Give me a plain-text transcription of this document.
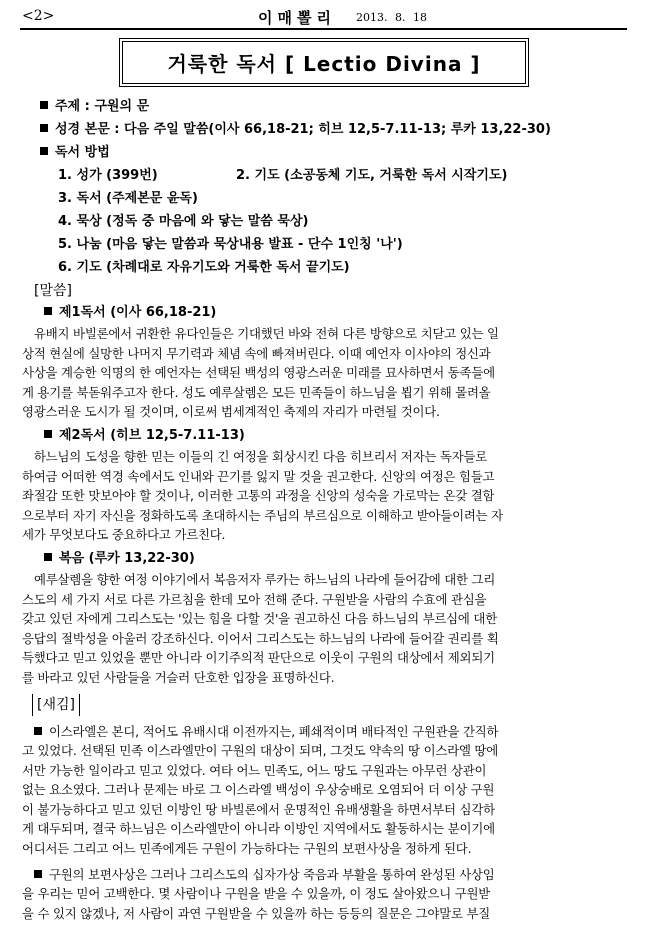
<2>	이매뽈리 2013. 8. 18
거룩한 독서 [ Lectio Divina ]
주제 : 구원의 문
성경 본문 : 다음 주일 말씀(이사 66,18-21; 히브 12,5-7.11-13; 루카 13,22-30)
독서 방법
1. 성가 (399번)	2. 기도 (소공동체 기도, 거룩한 독서 시작기도)
3. 독서 (주제본문 윤독)
4. 묵상 (정독 중 마음에 와 닿는 말씀 묵상)
5. 나눔 (마음 닿는 말씀과 묵상내용 발표 - 단수 1인칭 '나')
6. 기도 (차례대로 자유기도와 거룩한 독서 끝기도)
[말씀]
제1독서 (이사 66,18-21)

유배지 바빌론에서 귀환한 유다인들은 기대했던 바와 전혀 다른 방향으로 치닫고 있는 일

상적 현실에 실망한 나머지 무기력과 체념 속에 빠져버린다. 이때 예언자 이사야의 정신과

사상을 계승한 익명의 한 예언자는 선택된 백성의 영광스러운 미래를 묘사하면서 동족들에

게 용기를 북돋워주고자 한다. 성도 예루살렘은 모든 민족들이 하느님을 뵙기 위해 몰려올

영광스러운 도시가 될 것이며, 이로써 범세계적인 축제의 자리가 마련될 것이다.

제2독서 (히브 12,5-7.11-13)

하느님의 도성을 향한 믿는 이들의 긴 여정을 회상시킨 다음 히브리서 저자는 독자들로

하여금 어떠한 역경 속에서도 인내와 끈기를 잃지 말 것을 권고한다. 신앙의 여정은 힘들고

좌절감 또한 맛보아야 할 것이나, 이러한 고통의 과정을 신앙의 성숙을 가로막는 온갖 결함

으로부터 자기 자신을 정화하도록 초대하시는 주님의 부르심으로 이해하고 받아들이려는 자

세가 무엇보다도 중요하다고 가르친다.

복음 (루카 13,22-30)

예루살렘을 향한 여정 이야기에서 복음저자 루카는 하느님의 나라에 들어감에 대한 그리

스도의 세 가지 서로 다른 가르침을 한데 모아 전해 준다. 구원받을 사람의 수효에 관심을

갖고 있던 자에게 그리스도는 '있는 힘을 다할 것'을 권고하신 다음 하느님의 부르심에 대한

응답의 절박성을 아울러 강조하신다. 이어서 그리스도는 하느님의 나라에 들어갈 권리를 획

득했다고 믿고 있었을 뿐만 아니라 이기주의적 판단으로 이웃이 구원의 대상에서 제외되기

를 바라고 있던 사람들을 거슬러 단호한 입장을 표명하신다.

[새김]

이스라엘은 본디, 적어도 유배시대 이전까지는, 폐쇄적이며 배타적인 구원관을 간직하

고 있었다. 선택된 민족 이스라엘만이 구원의 대상이 되며, 그것도 약속의 땅 이스라엘 땅에

서만 가능한 일이라고 믿고 있었다. 여타 어느 민족도, 어느 땅도 구원과는 아무런 상관이

없는 요소였다. 그러나 문제는 바로 그 이스라엘 백성이 우상숭배로 오염되어 더 이상 구원

이 불가능하다고 믿고 있던 이방인 땅 바빌론에서 운명적인 유배생활을 하면서부터 심각하

게 대두되며, 결국 하느님은 이스라엘만이 아니라 이방인 지역에서도 활동하시는 분이기에

어디서든 그리고 어느 민족에게든 구원이 가능하다는 구원의 보편사상을 정하게 된다.

구원의 보편사상은 그러나 그리스도의 십자가상 죽음과 부활을 통하여 완성된 사상임

을 우리는 믿어 고백한다. 몇 사람이나 구원을 받을 수 있을까, 이 정도 살아왔으니 구원받

을 수 있지 않겠나, 저 사람이 과연 구원받을 수 있을까 하는 등등의 질문은 그야말로 부질
